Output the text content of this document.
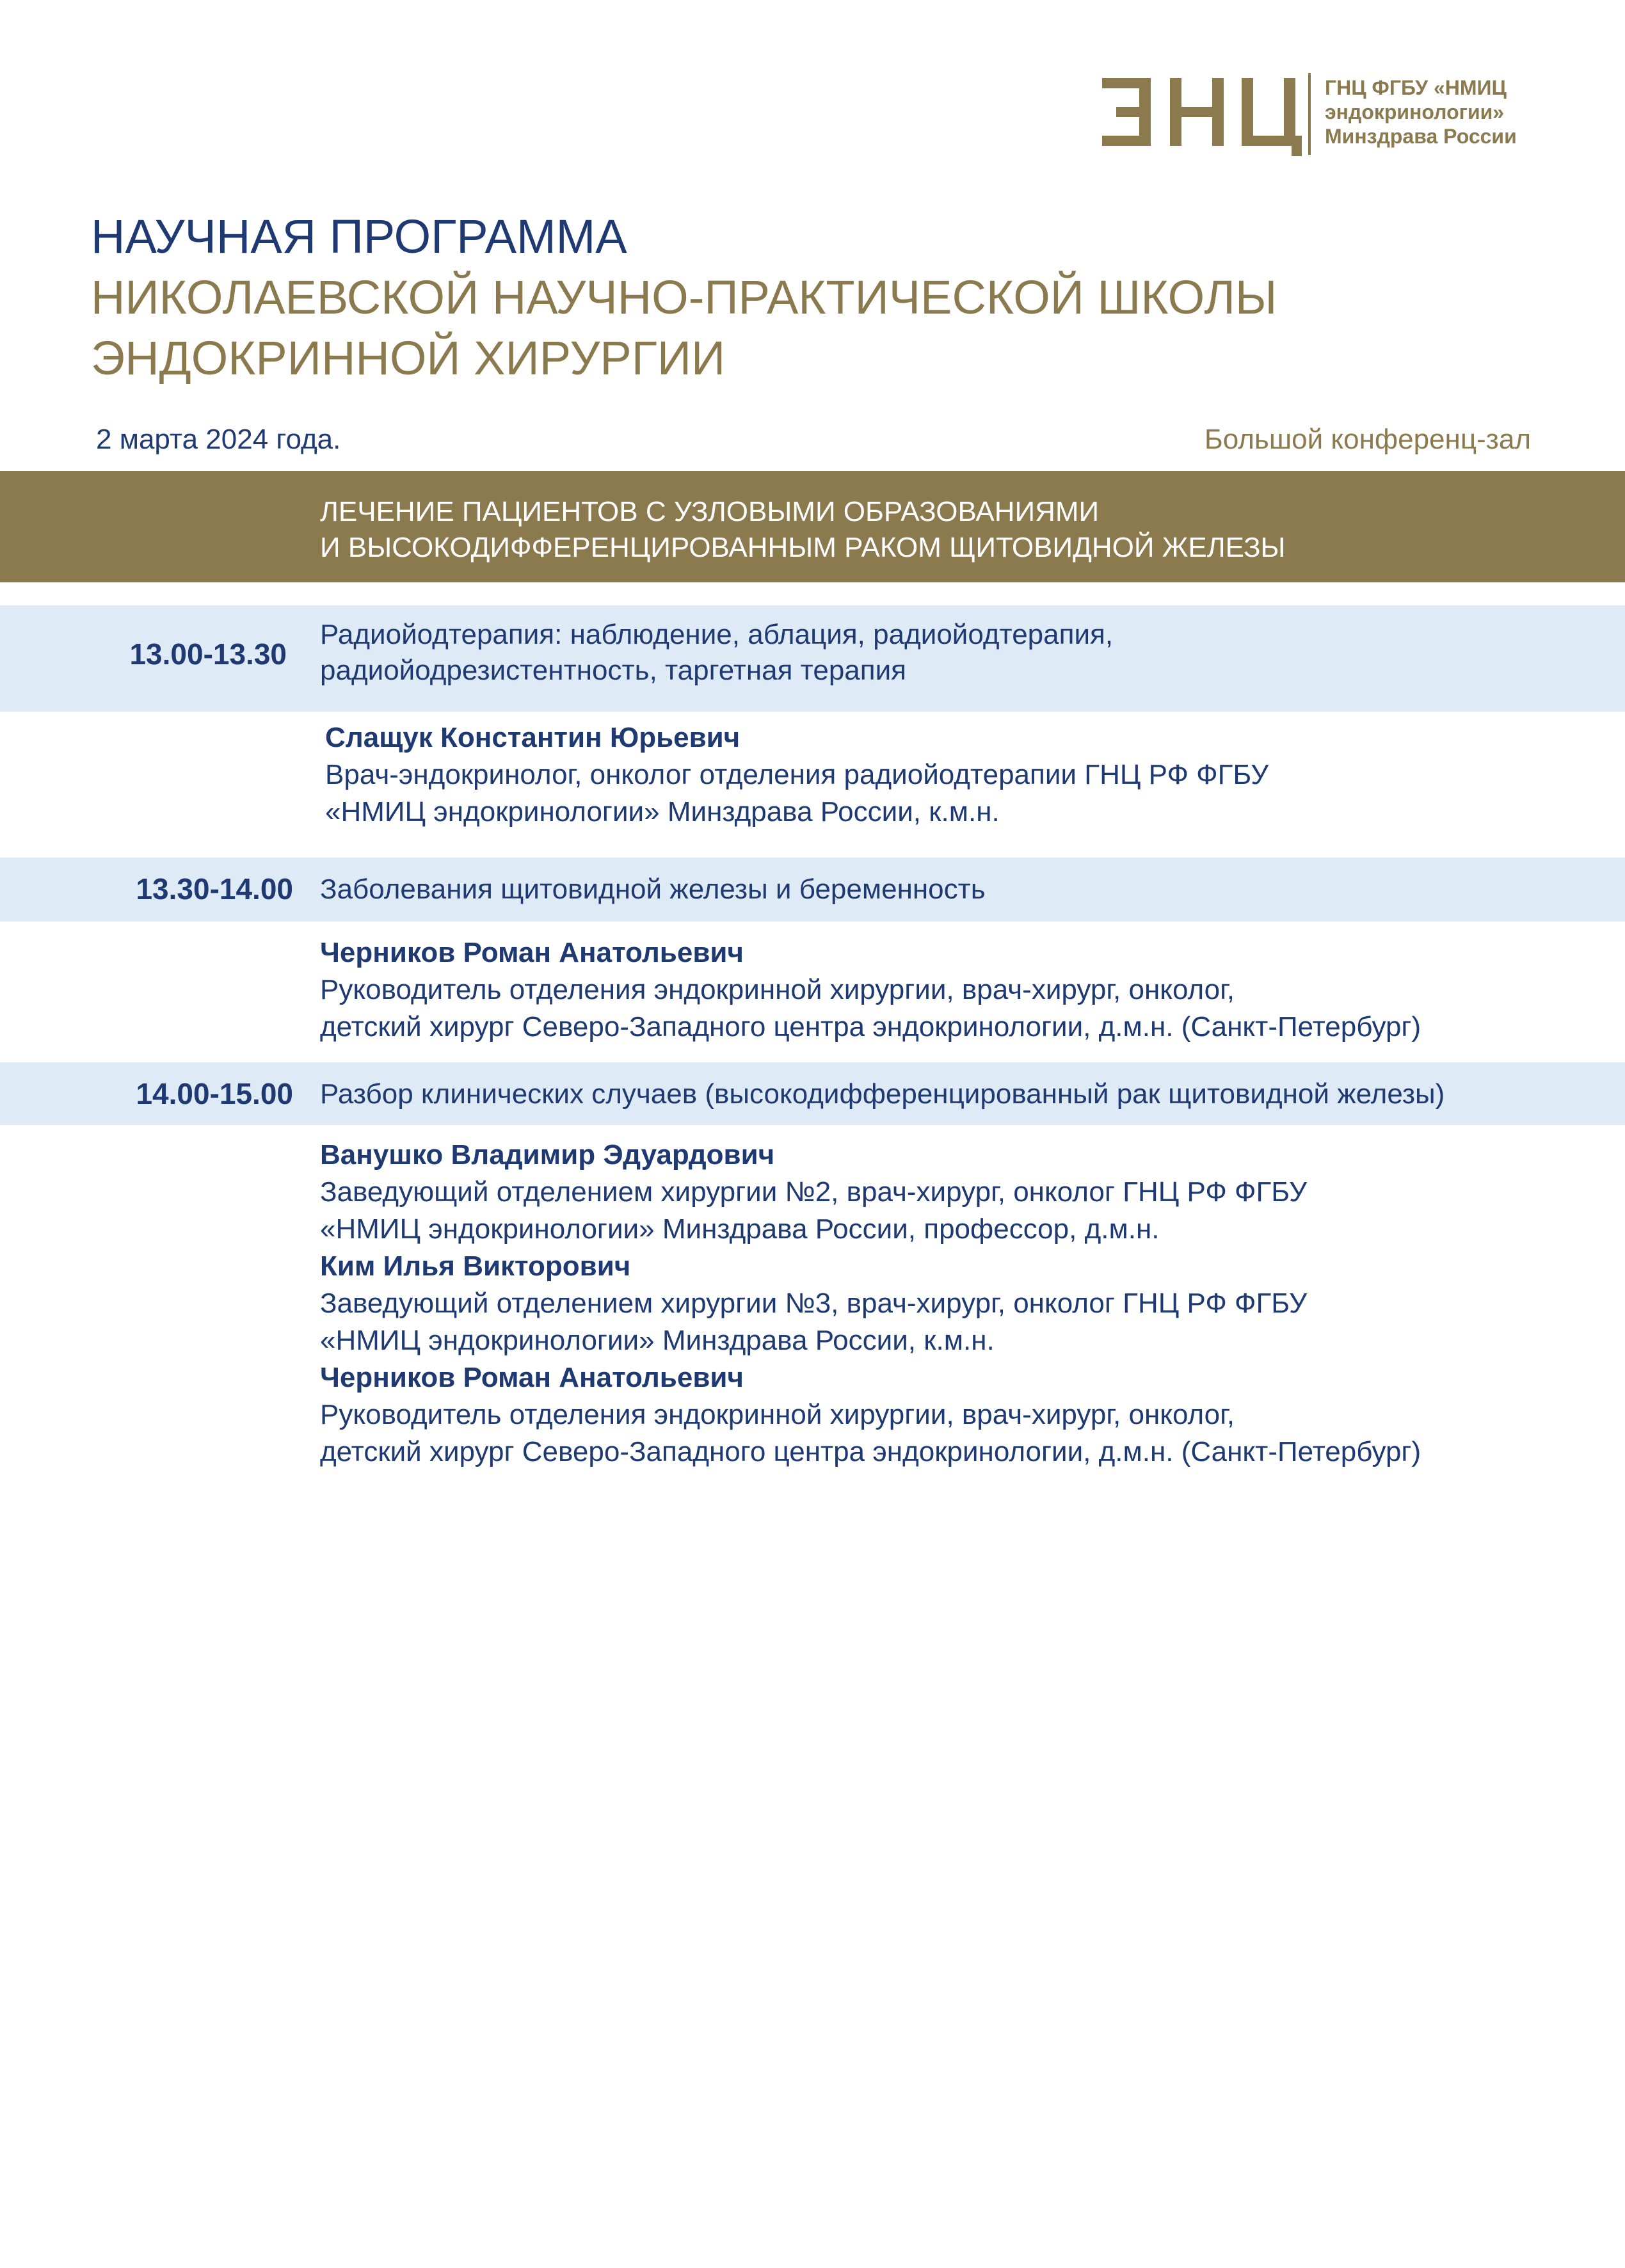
ГНЦ ФГБУ «НМИЦ
эндокринологии»
Минздрава России
НАУЧНАЯ ПРОГРАММА
НИКОЛАЕВСКОЙ НАУЧНО-ПРАКТИЧЕСКОЙ ШКОЛЫ
ЭНДОКРИННОЙ ХИРУРГИИ
2 марта 2024 года.	Большой конференц-зал
ЛЕЧЕНИЕ ПАЦИЕНТОВ С УЗЛОВЫМИ ОБРАЗОВАНИЯМИ
И ВЫСОКОДИФФЕРЕНЦИРОВАННЫМ РАКОМ ЩИТОВИДНОЙ ЖЕЛЕЗЫ
13.00-13.30
Радиойодтерапия: наблюдение, аблация, радиойодтерапия,
радиойодрезистентность, таргетная терапия
Слащук Константин Юрьевич
Врач-эндокринолог, онколог отделения радиойодтерапии ГНЦ РФ ФГБУ
«НМИЦ эндокринологии» Минздрава России, к.м.н.
13.30-14.00 Заболевания щитовидной железы и беременность
Черников Роман Анатольевич
Руководитель отделения эндокринной хирургии, врач-хирург, онколог,
детский хирург Северо-Западного центра эндокринологии, д.м.н. (Санкт-Петербург)
14.00-15.00 Разбор клинических случаев (высокодифференцированный рак щитовидной железы)
Ванушко Владимир Эдуардович
Заведующий отделением хирургии №2, врач-хирург, онколог ГНЦ РФ ФГБУ
«НМИЦ эндокринологии» Минздрава России, профессор, д.м.н.
Ким Илья Викторович
Заведующий отделением хирургии №3, врач-хирург, онколог ГНЦ РФ ФГБУ
«НМИЦ эндокринологии» Минздрава России, к.м.н.
Черников Роман Анатольевич
Руководитель отделения эндокринной хирургии, врач-хирург, онколог,
детский хирург Северо-Западного центра эндокринологии, д.м.н. (Санкт-Петербург)
